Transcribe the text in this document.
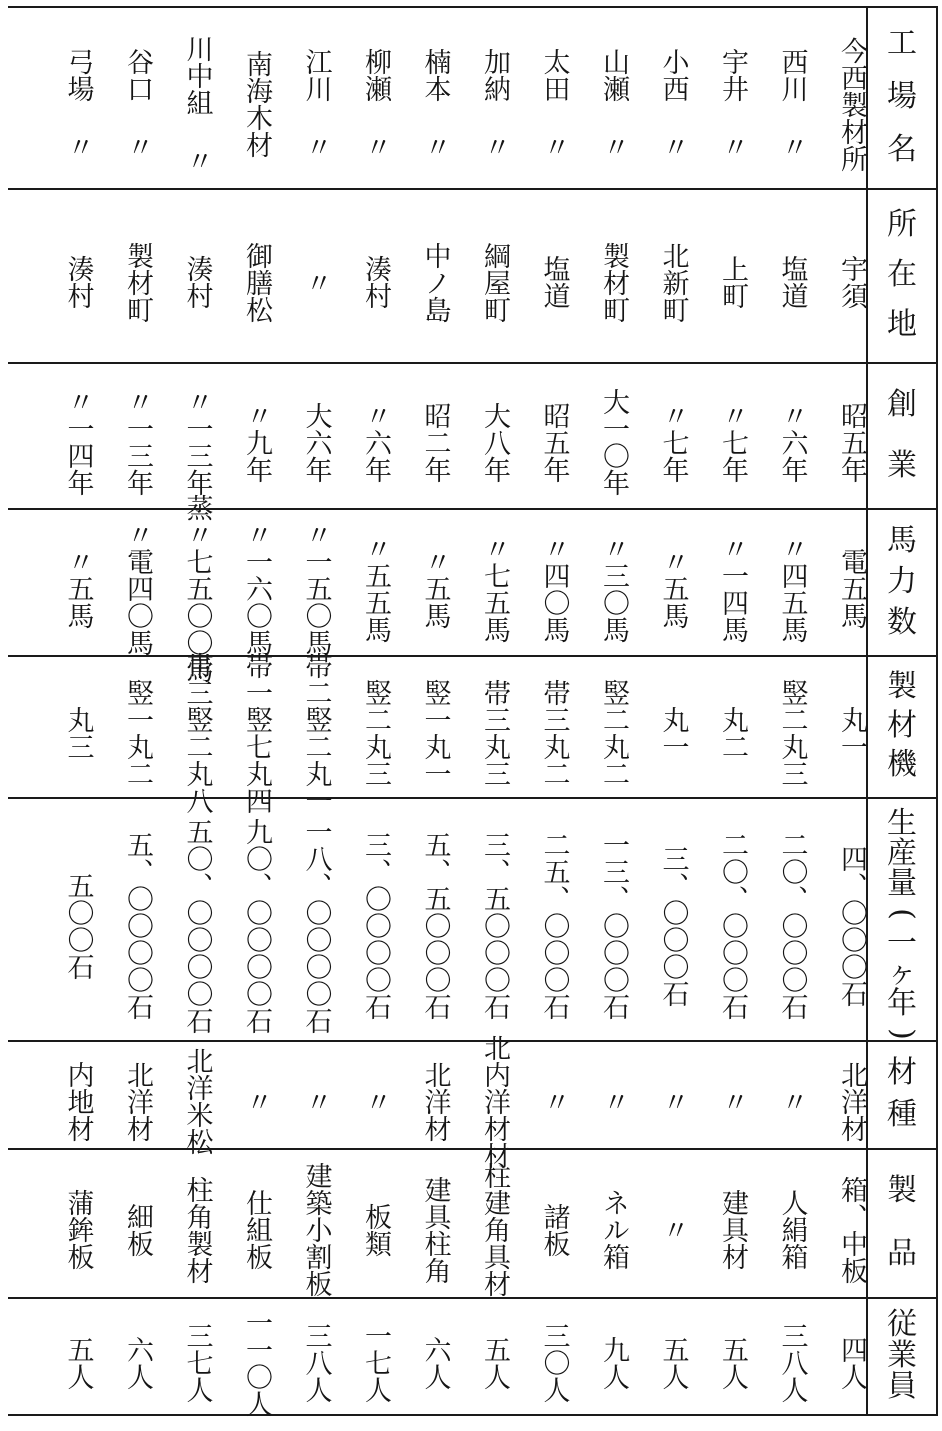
今西製材所
宇須
昭五年
電五馬
丸一
四、〇〇〇石
北洋材
箱、中板
四人
西川 〃
塩道
〃六年
〃四五馬
竪二丸三
二〇、〇〇〇石
〃
人絹箱
三八人
宇井 〃
上町
〃七年
〃一四馬
丸二
二〇、〇〇〇石
〃
建具材
五人
小西 〃
北新町
〃七年
〃五馬
丸一
三、〇〇〇石
〃
〃
五人
山瀬 〃
製材町
大一〇年
〃三〇馬
竪二丸二
一三、〇〇〇石
〃
ネル箱
九人
太田 〃
塩道
昭五年
〃四〇馬
帯三丸二
二五、〇〇〇石
〃
諸板
三〇人
加納 〃
綱屋町
大八年
〃七五馬
帯三丸三
三、五〇〇〇石
北内洋材材
柱建角具材
五人
楠本 〃
中ノ島
昭二年
〃五馬
竪一丸一
五、五〇〇〇石
北洋材
建具柱角
六人
柳瀬 〃
湊村
〃六年
〃五五馬
竪二丸三
三、〇〇〇〇石
〃
板類
一七人
江川 〃
〃
大六年
〃一五〇馬
帯二竪二丸一
一八、〇〇〇〇石
〃
建築小割板
三八人
南海木材
御膳松
〃九年
〃一六〇馬
帯一竪七丸四
九〇、〇〇〇〇石
〃
仕組板
一一〇人
川中組 〃
湊村
〃一三年
蒸〃七五〇〇馬
帯三竪二丸八
五〇、〇〇〇〇石
北洋米松
柱角製材
三七人
谷口 〃
製材町
〃一三年
〃電四〇馬
竪一丸二
五、〇〇〇〇石
北洋材
細板
六人
弓場 〃
湊村
〃一四年
〃五馬
丸三
五〇〇石
内地材
蒲鉾板
五人
工
場
名
所
在
地
創
業
馬
力
数
製
材
機
生
産
量
(
一
ヶ
年
)
材
種
製
品
従
業
員
